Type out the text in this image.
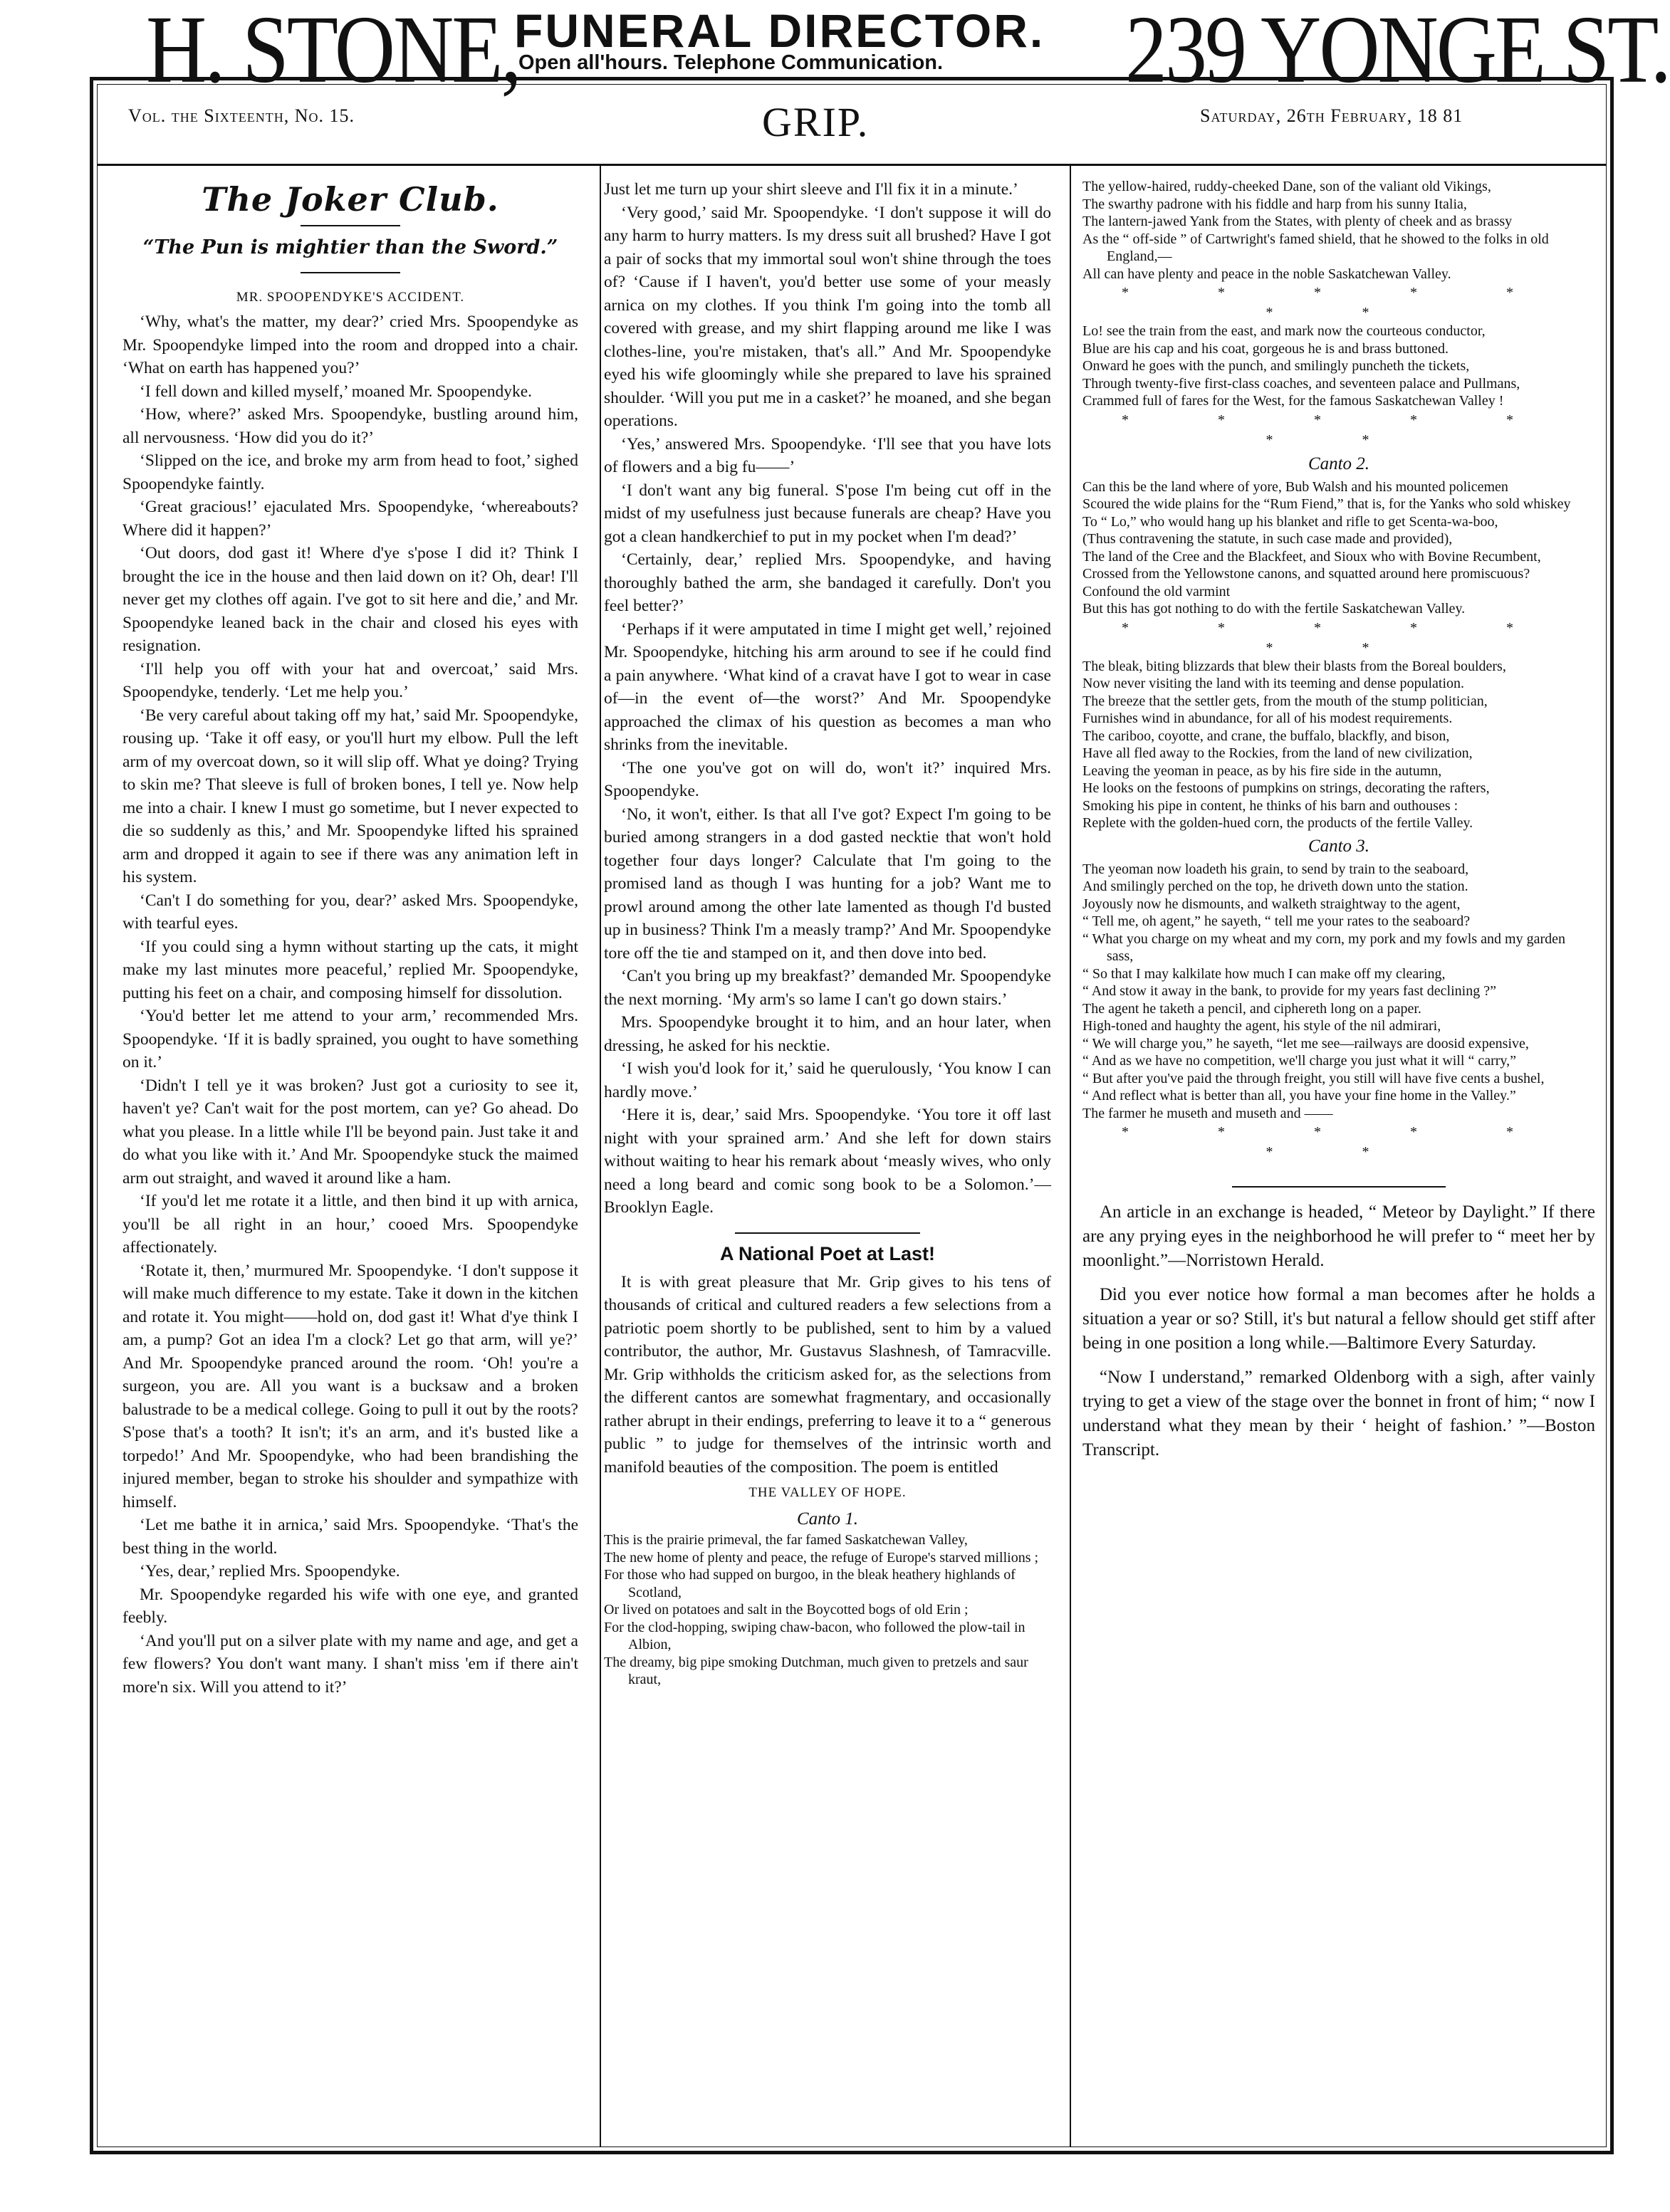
H. STONE,
FUNERAL DIRECTOR.
Open all'hours. Telephone Communication. 239 YONGE ST.
Vol. the Sixteenth, No. 15.	GRIP.	Saturday, 26th February, 18 81
The Joker Club.
“The Pun is mightier than the Sword.”
MR. SPOOPENDYKE'S ACCIDENT.

‘Why, what's the matter, my dear?’ cried Mrs. Spoopendyke as Mr. Spoopendyke limped into the room and dropped into a chair. ‘What on earth has happened you?’

‘I fell down and killed myself,’ moaned Mr. Spoopendyke.

‘How, where?’ asked Mrs. Spoopendyke, bustling around him, all nervousness. ‘How did you do it?’

‘Slipped on the ice, and broke my arm from head to foot,’ sighed Spoopendyke faintly.

‘Great gracious!’ ejaculated Mrs. Spoopendyke, ‘whereabouts? Where did it happen?’

‘Out doors, dod gast it! Where d'ye s'pose I did it? Think I brought the ice in the house and then laid down on it? Oh, dear! I'll never get my clothes off again. I've got to sit here and die,’ and Mr. Spoopendyke leaned back in the chair and closed his eyes with resignation.

‘I'll help you off with your hat and overcoat,’ said Mrs. Spoopendyke, tenderly. ‘Let me help you.’

‘Be very careful about taking off my hat,’ said Mr. Spoopendyke, rousing up. ‘Take it off easy, or you'll hurt my elbow. Pull the left arm of my overcoat down, so it will slip off. What ye doing? Trying to skin me? That sleeve is full of broken bones, I tell ye. Now help me into a chair. I knew I must go sometime, but I never expected to die so suddenly as this,’ and Mr. Spoopendyke lifted his sprained arm and dropped it again to see if there was any animation left in his system.

‘Can't I do something for you, dear?’ asked Mrs. Spoopendyke, with tearful eyes.

‘If you could sing a hymn without starting up the cats, it might make my last minutes more peaceful,’ replied Mr. Spoopendyke, putting his feet on a chair, and composing himself for dissolution.

‘You'd better let me attend to your arm,’ recommended Mrs. Spoopendyke. ‘If it is badly sprained, you ought to have something on it.’

‘Didn't I tell ye it was broken? Just got a curiosity to see it, haven't ye? Can't wait for the post mortem, can ye? Go ahead. Do what you please. In a little while I'll be beyond pain. Just take it and do what you like with it.’ And Mr. Spoopendyke stuck the maimed arm out straight, and waved it around like a ham.

‘If you'd let me rotate it a little, and then bind it up with arnica, you'll be all right in an hour,’ cooed Mrs. Spoopendyke affectionately.

‘Rotate it, then,’ murmured Mr. Spoopendyke. ‘I don't suppose it will make much difference to my estate. Take it down in the kitchen and rotate it. You might——hold on, dod gast it! What d'ye think I am, a pump? Got an idea I'm a clock? Let go that arm, will ye?’ And Mr. Spoopendyke pranced around the room. ‘Oh! you're a surgeon, you are. All you want is a bucksaw and a broken balustrade to be a medical college. Going to pull it out by the roots? S'pose that's a tooth? It isn't; it's an arm, and it's busted like a torpedo!’ And Mr. Spoopendyke, who had been brandishing the injured member, began to stroke his shoulder and sympathize with himself.

‘Let me bathe it in arnica,’ said Mrs. Spoopendyke. ‘That's the best thing in the world.

‘Yes, dear,’ replied Mrs. Spoopendyke.

Mr. Spoopendyke regarded his wife with one eye, and granted feebly.

‘And you'll put on a silver plate with my name and age, and get a few flowers? You don't want many. I shan't miss 'em if there ain't more'n six. Will you attend to it?’

Just let me turn up your shirt sleeve and I'll fix it in a minute.’

‘Very good,’ said Mr. Spoopendyke. ‘I don't suppose it will do any harm to hurry matters. Is my dress suit all brushed? Have I got a pair of socks that my immortal soul won't shine through the toes of? ‘Cause if I haven't, you'd better use some of your measly arnica on my clothes. If you think I'm going into the tomb all covered with grease, and my shirt flapping around me like I was clothes-line, you're mistaken, that's all.” And Mr. Spoopendyke eyed his wife gloomingly while she prepared to lave his sprained shoulder. ‘Will you put me in a casket?’ he moaned, and she began operations.

‘Yes,’ answered Mrs. Spoopendyke. ‘I'll see that you have lots of flowers and a big fu——’

‘I don't want any big funeral. S'pose I'm being cut off in the midst of my usefulness just because funerals are cheap? Have you got a clean handkerchief to put in my pocket when I'm dead?’

‘Certainly, dear,’ replied Mrs. Spoopendyke, and having thoroughly bathed the arm, she bandaged it carefully. Don't you feel better?’

‘Perhaps if it were amputated in time I might get well,’ rejoined Mr. Spoopendyke, hitching his arm around to see if he could find a pain anywhere. ‘What kind of a cravat have I got to wear in case of—in the event of—the worst?’ And Mr. Spoopendyke approached the climax of his question as becomes a man who shrinks from the inevitable.

‘The one you've got on will do, won't it?’ inquired Mrs. Spoopendyke.

‘No, it won't, either. Is that all I've got? Expect I'm going to be buried among strangers in a dod gasted necktie that won't hold together four days longer? Calculate that I'm going to the promised land as though I was hunting for a job? Want me to prowl around among the other late lamented as though I'd busted up in business? Think I'm a measly tramp?’ And Mr. Spoopendyke tore off the tie and stamped on it, and then dove into bed.

‘Can't you bring up my breakfast?’ demanded Mr. Spoopendyke the next morning. ‘My arm's so lame I can't go down stairs.’

Mrs. Spoopendyke brought it to him, and an hour later, when dressing, he asked for his necktie.

‘I wish you'd look for it,’ said he querulously, ‘You know I can hardly move.’

‘Here it is, dear,’ said Mrs. Spoopendyke. ‘You tore it off last night with your sprained arm.’ And she left for down stairs without waiting to hear his remark about ‘measly wives, who only need a long beard and comic song book to be a Solomon.’—Brooklyn Eagle.

A National Poet at Last!

It is with great pleasure that Mr. Grip gives to his tens of thousands of critical and cultured readers a few selections from a patriotic poem shortly to be published, sent to him by a valued contributor, the author, Mr. Gustavus Slashnesh, of Tamracville. Mr. Grip withholds the criticism asked for, as the selections from the different cantos are somewhat fragmentary, and occasionally rather abrupt in their endings, preferring to leave it to a “ generous public ” to judge for themselves of the intrinsic worth and manifold beauties of the composition. The poem is entitled

THE VALLEY OF HOPE.
Canto 1.

This is the prairie primeval, the far famed Saskatchewan Valley,

The new home of plenty and peace, the refuge of Europe's starved millions ;

For those who had supped on burgoo, in the bleak heathery highlands of Scotland,

Or lived on potatoes and salt in the Boycotted bogs of old Erin ;

For the clod-hopping, swiping chaw-bacon, who followed the plow-tail in Albion,

The dreamy, big pipe smoking Dutchman, much given to pretzels and saur kraut,

The yellow-haired, ruddy-cheeked Dane, son of the valiant old Vikings,

The swarthy padrone with his fiddle and harp from his sunny Italia,

The lantern-jawed Yank from the States, with plenty of cheek and as brassy

As the “ off-side ” of Cartwright's famed shield, that he showed to the folks in old England,—

All can have plenty and peace in the noble Saskatchewan Valley.

* * * * * * *

Lo! see the train from the east, and mark now the courteous conductor,

Blue are his cap and his coat, gorgeous he is and brass buttoned.

Onward he goes with the punch, and smilingly puncheth the tickets,

Through twenty-five first-class coaches, and seventeen palace and Pullmans,

Crammed full of fares for the West, for the famous Saskatchewan Valley !

* * * * * * *
Canto 2.

Can this be the land where of yore, Bub Walsh and his mounted policemen

Scoured the wide plains for the “Rum Fiend,” that is, for the Yanks who sold whiskey

To “ Lo,” who would hang up his blanket and rifle to get Scenta-wa-boo,

(Thus contravening the statute, in such case made and provided),

The land of the Cree and the Blackfeet, and Sioux who with Bovine Recumbent,

Crossed from the Yellowstone canons, and squatted around here promiscuous?

Confound the old varmint

But this has got nothing to do with the fertile Saskatchewan Valley.

* * * * * * *

The bleak, biting blizzards that blew their blasts from the Boreal boulders,

Now never visiting the land with its teeming and dense population.

The breeze that the settler gets, from the mouth of the stump politician,

Furnishes wind in abundance, for all of his modest requirements.

The cariboo, coyotte, and crane, the buffalo, blackfly, and bison,

Have all fled away to the Rockies, from the land of new civilization,

Leaving the yeoman in peace, as by his fire side in the autumn,

He looks on the festoons of pumpkins on strings, decorating the rafters,

Smoking his pipe in content, he thinks of his barn and outhouses :

Replete with the golden-hued corn, the products of the fertile Valley.

Canto 3.

The yeoman now loadeth his grain, to send by train to the seaboard,

And smilingly perched on the top, he driveth down unto the station.

Joyously now he dismounts, and walketh straightway to the agent,

“ Tell me, oh agent,” he sayeth, “ tell me your rates to the seaboard?

“ What you charge on my wheat and my corn, my pork and my fowls and my garden sass,

“ So that I may kalkilate how much I can make off my clearing,

“ And stow it away in the bank, to provide for my years fast declining ?”

The agent he taketh a pencil, and ciphereth long on a paper.

High-toned and haughty the agent, his style of the nil admirari,

“ We will charge you,” he sayeth, “let me see—railways are doosid expensive,

“ And as we have no competition, we'll charge you just what it will “ carry,”

“ But after you've paid the through freight, you still will have five cents a bushel,

“ And reflect what is better than all, you have your fine home in the Valley.”

The farmer he museth and museth and ——

* * * * * * *

An article in an exchange is headed, “ Meteor by Daylight.” If there are any prying eyes in the neighborhood he will prefer to “ meet her by moonlight.”—Norristown Herald.

Did you ever notice how formal a man becomes after he holds a situation a year or so? Still, it's but natural a fellow should get stiff after being in one position a long while.—Baltimore Every Saturday.

“Now I understand,” remarked Oldenborg with a sigh, after vainly trying to get a view of the stage over the bonnet in front of him; “ now I understand what they mean by their ‘ height of fashion.’ ”—Boston Transcript.
